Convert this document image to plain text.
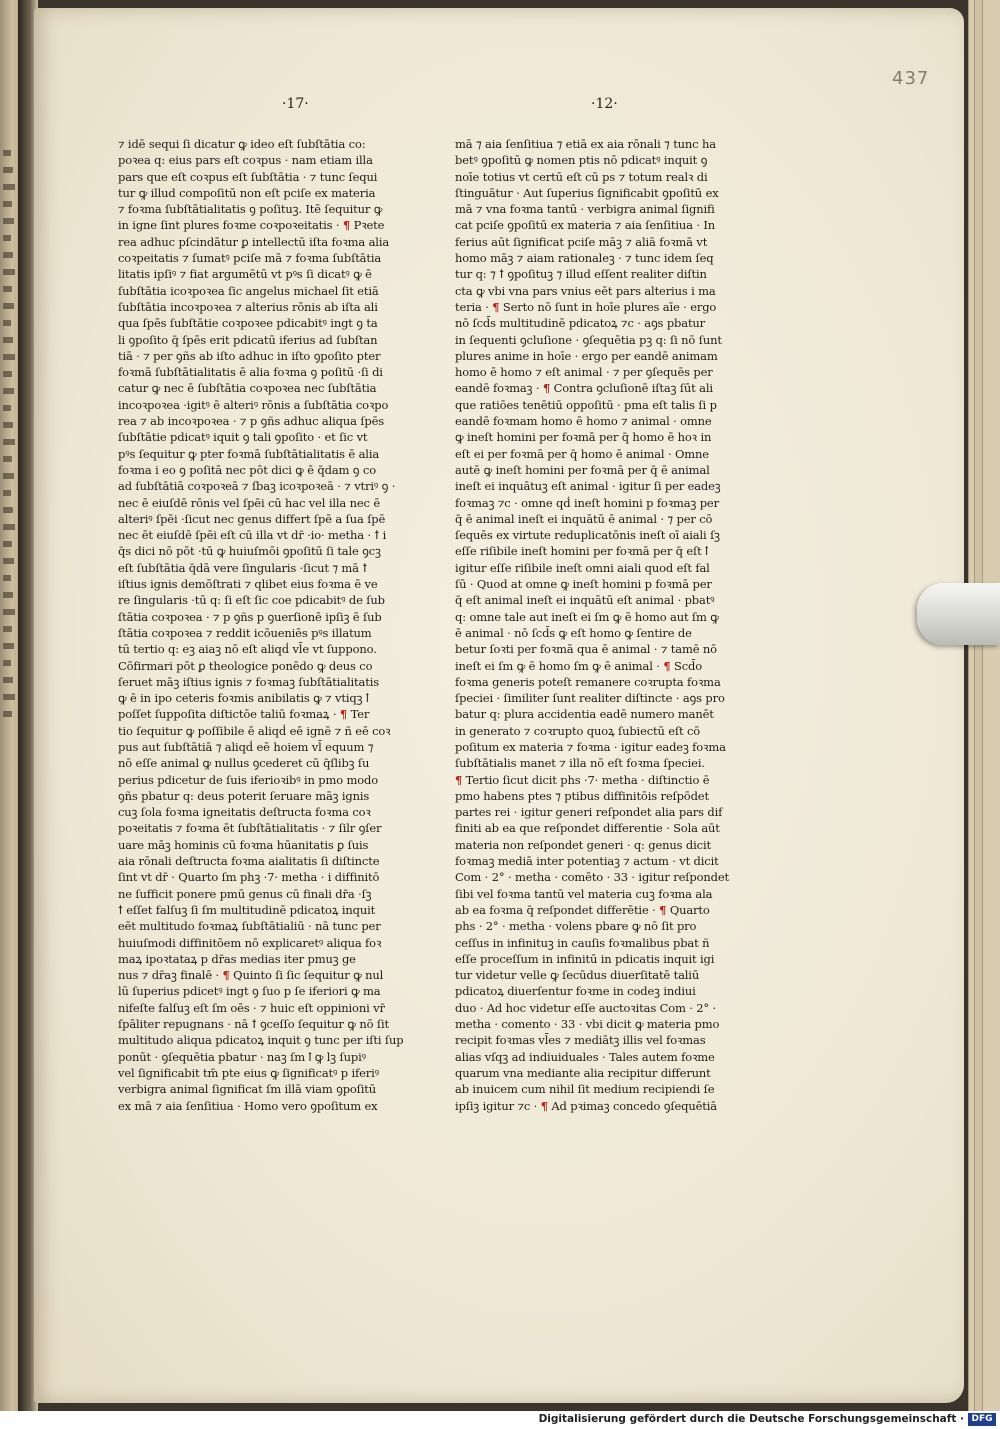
437
·17·	·12·

⁊ idē sequi ſi dicatur ꝙ ideo eſt ſubſtātia co:

poꝛea q: eius pars eſt coꝛpus · nam etiam illa

pars que eſt coꝛpus eſt ſubſtātia · ⁊ tunc ſequi

tur ꝙ illud compoſitū non eſt pciſe ex materia

⁊ foꝛma ſubſtātialitatis ꝯ poſituꝫ. Itē ſequitur ꝙ

in igne ſint plures foꝛme coꝛpoꝛeitatis · ¶ Pꝛete

rea adhuc pſcindātur ꝑ intellectū iſta foꝛma alia

coꝛpeitatis ⁊ ſumatꝰ pciſe mā ⁊ foꝛma ſubſtātia

litatis ipſiꝰ ⁊ fiat argumētū vt pꝰs ſi dicatꝰ ꝙ ē

ſubſtātia icoꝛpoꝛea ſic angelus michael ſit etiā

ſubſtātia incoꝛpoꝛea ⁊ alterius rōnis ab iſta ali

qua ſpēs ſubſtātie coꝛpoꝛee pdicabitꝰ ingt ꝯ ta

li ꝯpoſito q̄ ſpēs erit pdicatū iferius ad ſubſtan

tiā · ⁊ per ꝯñs ab iſto adhuc in iſto ꝯpoſito pter

foꝛmā ſubſtātialitatis ē alia foꝛma ꝯ poſitū ·ſi di

catur ꝙ nec ē ſubſtātia coꝛpoꝛea nec ſubſtātia

incoꝛpoꝛea ·igitꝰ ē alteriꝰ rōnis a ſubſtātia coꝛpo

rea ⁊ ab incoꝛpoꝛea · ⁊ p ꝯñs adhuc aliqua ſpēs

ſubſtātie pdicatꝰ iquit ꝯ tali ꝯpoſito · et ſic vt

pꝰs ſequitur ꝙ pter foꝛmā ſubſtātialitatis ē alia

foꝛma i eo ꝯ poſitā nec pōt dici ꝙ ē q̄dam ꝯ co

ad ſubſtātiā coꝛpoꝛeā ⁊ ſbaꝫ icoꝛpoꝛeā · ⁊ vtriꝰ ꝯ ·

nec ē eiuſdē rōnis vel ſpēi cū hac vel illa nec ē

alteriꝰ ſpēi ·ſicut nec genus differt ſpē a ſua ſpē

nec ēt eiuſdē ſpēi eſt cū illa vt dr̄ ·io· metha · ꝉ i

q̄s dici nō pōt ·tū ꝙ huiuſmōi ꝯpoſitū ſi tale ꝯcꝫ

eſt ſubſtātia q̄dā vere ſingularis ·ſicut ⁊ mā ꝉ

iſtius ignis demōſtrati ⁊ qlibet eius foꝛma ē ve

re ſingularis ·tū q: ſi eſt ſic coe pdicabitꝰ de ſub

ſtātia coꝛpoꝛea · ⁊ p ꝯñs p ꝯuerſionē ipſiꝫ ē ſub

ſtātia coꝛpoꝛea ⁊ reddit icōueniēs pꝰs illatum

tū tertio q: eꝫ aiaꝫ nō eſt aliqḋ vl̄e vt ſuppono.

Cōfirmari pōt ꝑ theologice ponēdo ꝙ deus co

ſeruet māꝫ iſtius ignis ⁊ foꝛmaꝫ ſubſtātialitatis

ꝙ ē in ipo ceteris foꝛmis anibilatis ꝙ ⁊ vtiqꝫ ꝉ

poſſet ſuppoſita diſtictōe taliū foꝛmaꝝ · ¶ Ter

tio ſequitur ꝙ poſſibile ē aliqḋ eē ignē ⁊ ñ eē coꝛ

pus aut ſubſtātiā ⁊ aliqḋ eē hoiem vl̄ equum ⁊

nō eſſe animal ꝙ nullus ꝯcederet cū q̄ſlibꝫ ſu

perius pdicetur de ſuis iferioꝛibꝰ in pmo modo

ꝯñs pbatur q: deus poterit ſeruare māꝫ ignis

cuꝫ ſola foꝛma igneitatis deſtructa foꝛma coꝛ

poꝛeitatis ⁊ foꝛma ēt ſubſtātialitatis · ⁊ ſilr ꝯſer

uare māꝫ hominis cū foꝛma hūanitatis ꝑ ſuis

aia rōnali deſtructa foꝛma aialitatis ſi diſtincte

ſint vt dr̄ · Quarto ſm phꝫ ·7· metha · i diffinitō

ne ſufficit ponere pmū genus cū finali dr̄a ·ſꝫ

ꝉ eſſet falſuꝫ ſi ſm multitudinē pdicatoꝝ inquit

eēt multitudo foꝛmaꝝ ſubſtātialiū · nā tunc per

huiuſmodi diffinitōem nō explicaretꝰ aliqua foꝛ

maꝝ ipoꝛtataꝝ p dr̄as medias iter pmuꝫ ge

nus ⁊ dr̄aꝫ finalē · ¶ Quinto ſi ſic ſequitur ꝙ nul

lū ſuperius pdicetꝰ ingt ꝯ ſuo p ſe iferiori ꝙ ma

nifeſte falſuꝫ eſt ſm oēs · ⁊ huic eſt oppinioni vr̄

ſpāliter repugnans · nā ꝉ ꝯceſſo ſequitur ꝙ nō ſit

multitudo aliqua pdicatoꝝ inquit ꝯ tunc per iſti ſup

ponūt · ꝯſequētia pbatur · naꝫ ſm ꝉ ꝙ lꝫ ſupiꝰ

vel ſignificabit tm̄ pte eius ꝙ ſignificatꝰ p iferiꝰ

verbigra animal ſignificat ſm illā viam ꝯpoſitū

ex mā ⁊ aia ſenſitiua · Homo vero ꝯpoſitum ex

mā ⁊ aia ſenſitiua ⁊ etiā ex aia rōnali ⁊ tunc ha

betꝰ ꝯpoſitū ꝙ nomen ptis nō pdicatꝰ inquit ꝯ

noīe totius vt certū eſt cū ps ⁊ totum realꝛ di

ſtinguātur · Aut ſuperius ſignificabit ꝯpoſitū ex

mā ⁊ vna foꝛma tantū · verbigra animal ſignifi

cat pciſe ꝯpoſitū ex materia ⁊ aia ſenſitiua · In

ferius aūt ſignificat pciſe māꝫ ⁊ aliā foꝛmā vt

homo māꝫ ⁊ aiam rationaleꝫ · ⁊ tunc idem ſeq

tur q: ⁊ ꝉ ꝯpoſituꝫ ⁊ illud eſſent realiter diſtin

cta ꝙ vbi vna pars vnius eēt pars alterius i ma

teria · ¶ Serto nō ſunt in hoīe plures aīe · ergo

nō ſcd̄s multitudinē pdicatoꝝ ⁊c · aꝯs pbatur

in ſequenti ꝯcluſione · ꝯſequētia pꝫ q: ſi nō ſunt

plures anime in hoīe · ergo per eandē animam

homo ē homo ⁊ eſt animal · ⁊ per ꝯſequēs per

eandē foꝛmaꝫ · ¶ Contra ꝯcluſionē iſtaꝫ ſūt ali

que ratiōes tenētiū oppoſitū · pma eſt talis ſi p

eandē foꝛmam homo ē homo ⁊ animal · omne

ꝙ ineſt homini per foꝛmā per q̄ homo ē hoꝛ in

eſt ei per foꝛmā per q̄ homo ē animal · Omne

autē ꝙ ineſt homini per foꝛmā per q̄ ē animal

ineſt ei inquātuꝫ eſt animal · igitur ſi per eadeꝫ

foꝛmaꝫ ⁊c · omne qḋ ineſt homini p foꝛmaꝫ per

q̄ ē animal ineſt ei inquātū ē animal · ⁊ per cō

ſequēs ex virtute reduplicatōnis ineſt oī aiali ſꝫ

eſſe riſibile ineſt homini per foꝛmā per q̄ eſt ꝉ

igitur eſſe riſibile ineſt omni aiali quod eſt fal

ſū · Quod at omne ꝙ ineſt homini p foꝛmā per

q̄ eſt animal ineſt ei inquātū eſt animal · pbatꝰ

q: omne tale aut ineſt ei ſm ꝙ ē homo aut ſm ꝙ

ē animal · nō ſcd̄s ꝙ eſt homo ꝙ ſentire de

betur ſoꝛti per foꝛmā qua ē animal · ⁊ tamē nō

ineſt ei ſm ꝙ ē homo ſm ꝙ ē animal · ¶ Scd̄o

foꝛma generis poteſt remanere coꝛrupta foꝛma

ſpeciei · ſimiliter ſunt realiter diſtincte · aꝯs pro

batur q: plura accidentia eadē numero manēt

in generato ⁊ coꝛrupto quoꝝ ſubiectū eſt cō

poſitum ex materia ⁊ foꝛma · igitur eadeꝫ foꝛma

ſubſtātialis manet ⁊ illa nō eſt foꝛma ſpeciei.

¶ Tertio ſicut dicit phs ·7· metha · diſtinctio ē

pmo habens ptes ⁊ ptibus diffinitōis reſpōdet

partes rei · igitur generi reſpondet alia pars dif

finiti ab ea que reſpondet differentie · Sola aūt

materia non reſpondet generi · q: genus dicit

foꝛmaꝫ mediā inter potentiaꝫ ⁊ actum · vt dicit

Com · 2° · metha · comēto · 33 · igitur reſpondet

ſibi vel foꝛma tantū vel materia cuꝫ foꝛma ala

ab ea foꝛma q̄ reſpondet differētie · ¶ Quarto

phs · 2° · metha · volens pbare ꝙ nō ſit pro

ceſſus in infinituꝫ in cauſis foꝛmalibus pbat ñ

eſſe proceſſum in infinitū in pdicatis inquit igi

tur videtur velle ꝙ ſecūdus diuerſitatē taliū

pdicatoꝝ diuerſentur foꝛme in codeꝫ indiui

duo · Ad hoc videtur eſſe auctoꝛitas Com · 2° ·

metha · comento · 33 · vbi dicit ꝙ materia pmo

recipit foꝛmas vl̄es ⁊ mediātꝫ illis vel foꝛmas

alias vſqꝫ ad indiuiduales · Tales autem foꝛme

quarum vna mediante alia recipitur differunt

ab inuicem cum nihil ſit medium recipiendi ſe

ipſiꝫ igitur ⁊c · ¶ Ad pꝛimaꝫ concedo ꝯſequētiā

Digitalisierung gefördert durch die Deutsche Forschungsgemeinschaft · DFG
